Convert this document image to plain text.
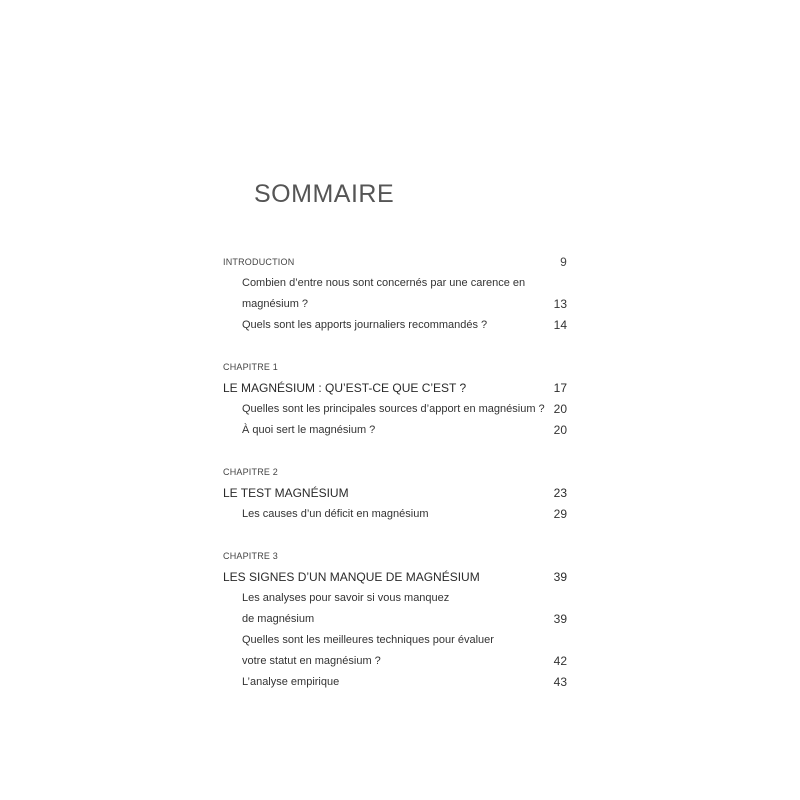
SOMMAIRE
INTRODUCTION	9
Combien d’entre nous sont concernés par une carence en
magnésium ?	13
Quels sont les apports journaliers recommandés ?	14
CHAPITRE 1
LE MAGNÉSIUM : QU’EST-CE QUE C’EST ?	17
Quelles sont les principales sources d’apport en magnésium ? 20
À quoi sert le magnésium ?	20
CHAPITRE 2
LE TEST MAGNÉSIUM	23
Les causes d’un déficit en magnésium	29
CHAPITRE 3
LES SIGNES D’UN MANQUE DE MAGNÉSIUM	39
Les analyses pour savoir si vous manquez
de magnésium	39
Quelles sont les meilleures techniques pour évaluer
votre statut en magnésium ?	42
L’analyse empirique	43
